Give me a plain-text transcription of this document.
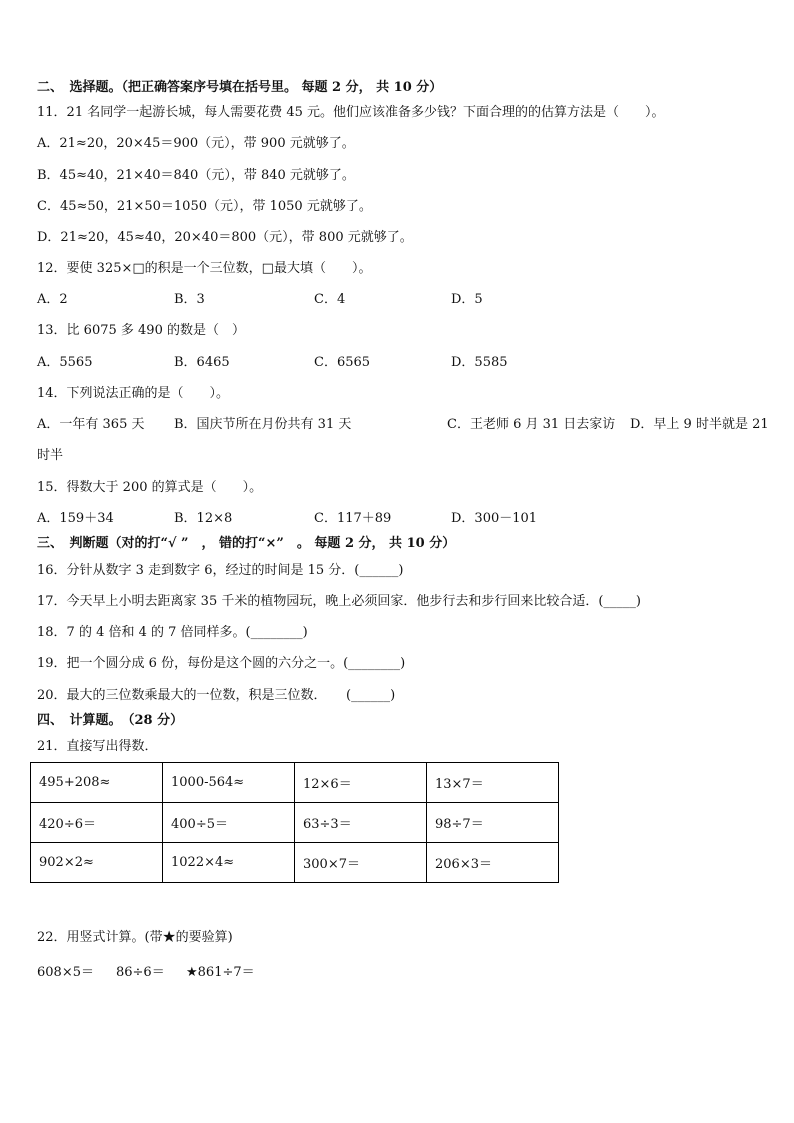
二、　选择题。（把正确答案序号填在括号里。 每题 2 分， 共 10 分）
11．21 名同学一起游长城，每人需要花费 45 元。他们应该准备多少钱？下面合理的的估算方法是（　　）。
A．21≈20，20×45＝900（元），带 900 元就够了。
B．45≈40，21×40＝840（元），带 840 元就够了。
C．45≈50，21×50＝1050（元），带 1050 元就够了。
D．21≈20，45≈40，20×40＝800（元），带 800 元就够了。
12．要使 325×□的积是一个三位数，□最大填（　　）。
A．2	B．3	C．4	D．5
13．比 6075 多 490 的数是（　）
A．5565	B．6465	C．6565	D．5585
14．下列说法正确的是（　　）。
A．一年有 365 天 B．国庆节所在月份共有 31 天	C．王老师 6 月 31 日去家访 D．早上 9 时半就是 21
时半
15．得数大于 200 的算式是（　　）。
A．159＋34	B．12×8	C．117＋89	D．300－101
三、　判断题（对的打“√ ”　， 错的打“×”　。 每题 2 分， 共 10 分）
16．分针从数字 3 走到数字 6，经过的时间是 15 分．(______)
17．今天早上小明去距离家 35 千米的植物园玩，晚上必须回家．他步行去和步行回来比较合适．(_____)
18．7 的 4 倍和 4 的 7 倍同样多。(________)
19．把一个圆分成 6 份，每份是这个圆的六分之一。(________)
20．最大的三位数乘最大的一位数，积是三位数．　　(______)
四、　计算题。　（28 分）
21．直接写出得数．
495+208≈	1000-564≈	12×6＝	13×7＝
420÷6＝	400÷5＝	63÷3＝	98÷7＝
902×2≈	1022×4≈	300×7＝	206×3＝
22．用竖式计算。(带★的要验算)
608×5＝ 86÷6＝ ★861÷7＝
